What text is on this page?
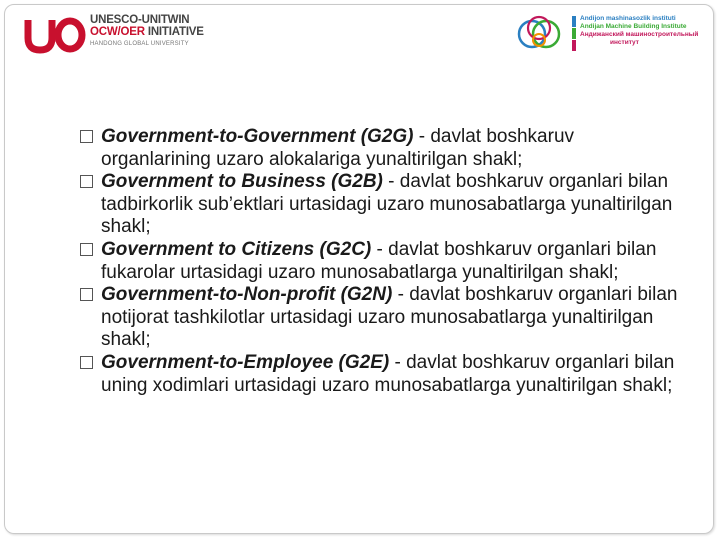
UNESCO-UNITWIN
OCW/OER INITIATIVE
HANDONG GLOBAL UNIVERSITY
Andijon mashinasozlik instituti
Andijan Machine Building Institute
Андижанский машиностроительный
институт
Government-to-Government (G2G) - davlat boshkaruv organlarining uzaro alokalariga yunaltirilgan shakl;
Government to Business (G2B) - davlat boshkaruv organlari bilan tadbirkorlik sub’ektlari urtasidagi uzaro munosabatlarga yunaltirilgan shakl;
Government to Citizens (G2C) - davlat boshkaruv organlari bilan fukarolar urtasidagi uzaro munosabatlarga yunaltirilgan shakl;
Government-to-Non-profit (G2N) - davlat boshkaruv organlari bilan notijorat tashkilotlar urtasidagi uzaro munosabatlarga yunaltirilgan shakl;
Government-to-Employee (G2E) - davlat boshkaruv organlari bilan uning xodimlari urtasidagi uzaro munosabatlarga yunaltirilgan shakl;
